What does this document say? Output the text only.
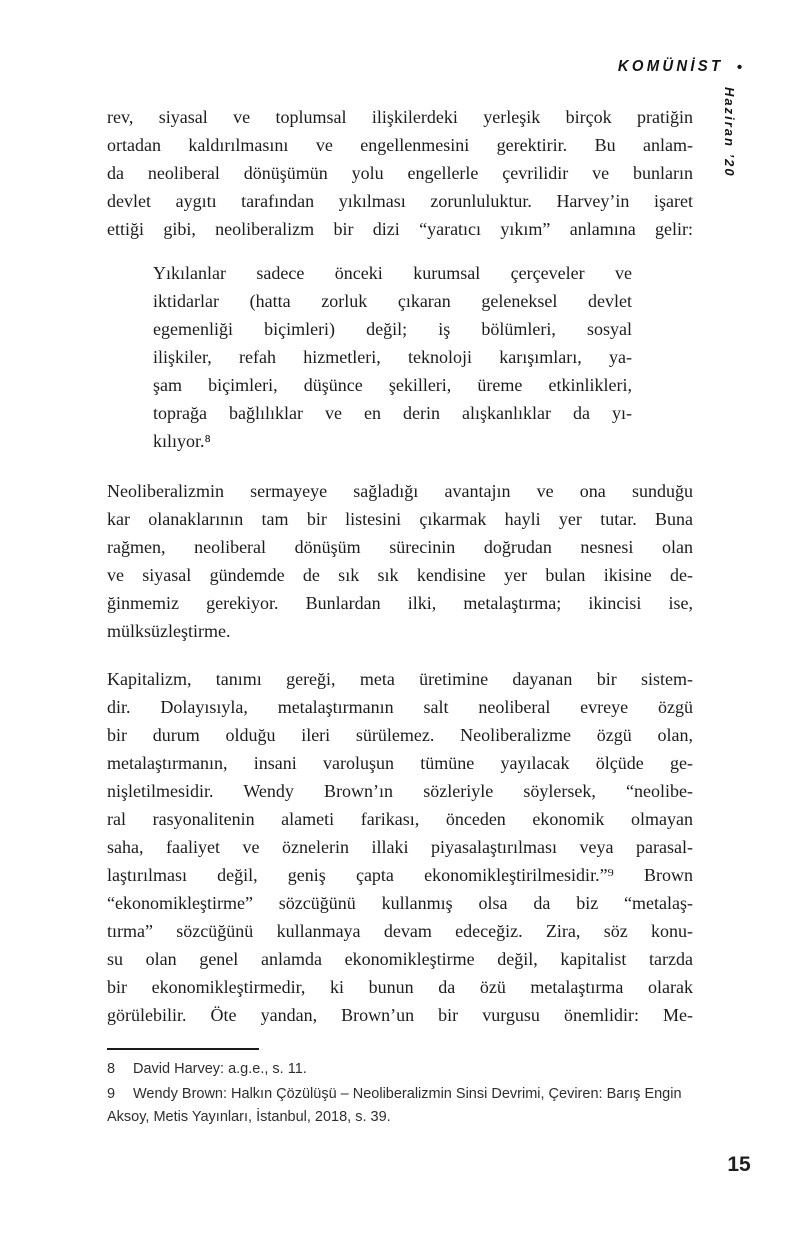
KOMÜNİST •
Haziran ’20
rev, siyasal ve toplumsal ilişkilerdeki yerleşik birçok pratiğin
ortadan kaldırılmasını ve engellenmesini gerektirir. Bu anlam-
da neoliberal dönüşümün yolu engellerle çevrilidir ve bunların
devlet aygıtı tarafından yıkılması zorunluluktur. Harvey’in işaret
ettiği gibi, neoliberalizm bir dizi “yaratıcı yıkım” anlamına gelir:
Yıkılanlar sadece önceki kurumsal çerçeveler ve
iktidarlar (hatta zorluk çıkaran geleneksel devlet
egemenliği biçimleri) değil; iş bölümleri, sosyal
ilişkiler, refah hizmetleri, teknoloji karışımları, ya-
şam biçimleri, düşünce şekilleri, üreme etkinlikleri,
toprağa bağlılıklar ve en derin alışkanlıklar da yı-
kılıyor.⁸
Neoliberalizmin sermayeye sağladığı avantajın ve ona sunduğu
kar olanaklarının tam bir listesini çıkarmak hayli yer tutar. Buna
rağmen, neoliberal dönüşüm sürecinin doğrudan nesnesi olan
ve siyasal gündemde de sık sık kendisine yer bulan ikisine de-
ğinmemiz gerekiyor. Bunlardan ilki, metalaştırma; ikincisi ise,
mülksüzleştirme.
Kapitalizm, tanımı gereği, meta üretimine dayanan bir sistem-
dir. Dolayısıyla, metalaştırmanın salt neoliberal evreye özgü
bir durum olduğu ileri sürülemez. Neoliberalizme özgü olan,
metalaştırmanın, insani varoluşun tümüne yayılacak ölçüde ge-
nişletilmesidir. Wendy Brown’ın sözleriyle söylersek, “neolibe-
ral rasyonalitenin alameti farikası, önceden ekonomik olmayan
saha, faaliyet ve öznelerin illaki piyasalaştırılması veya parasal-
laştırılması değil, geniş çapta ekonomikleştirilmesidir.”⁹ Brown
“ekonomikleştirme” sözcüğünü kullanmış olsa da biz “metalaş-
tırma” sözcüğünü kullanmaya devam edeceğiz. Zira, söz konu-
su olan genel anlamda ekonomikleştirme değil, kapitalist tarzda
bir ekonomikleştirmedir, ki bunun da özü metalaştırma olarak
görülebilir. Öte yandan, Brown’un bir vurgusu önemlidir: Me-
8 David Harvey: a.g.e., s. 11.
9 Wendy Brown: Halkın Çözülüşü – Neoliberalizmin Sinsi Devrimi, Çeviren: Barış Engin Aksoy, Metis Yayınları, İstanbul, 2018, s. 39.
15
